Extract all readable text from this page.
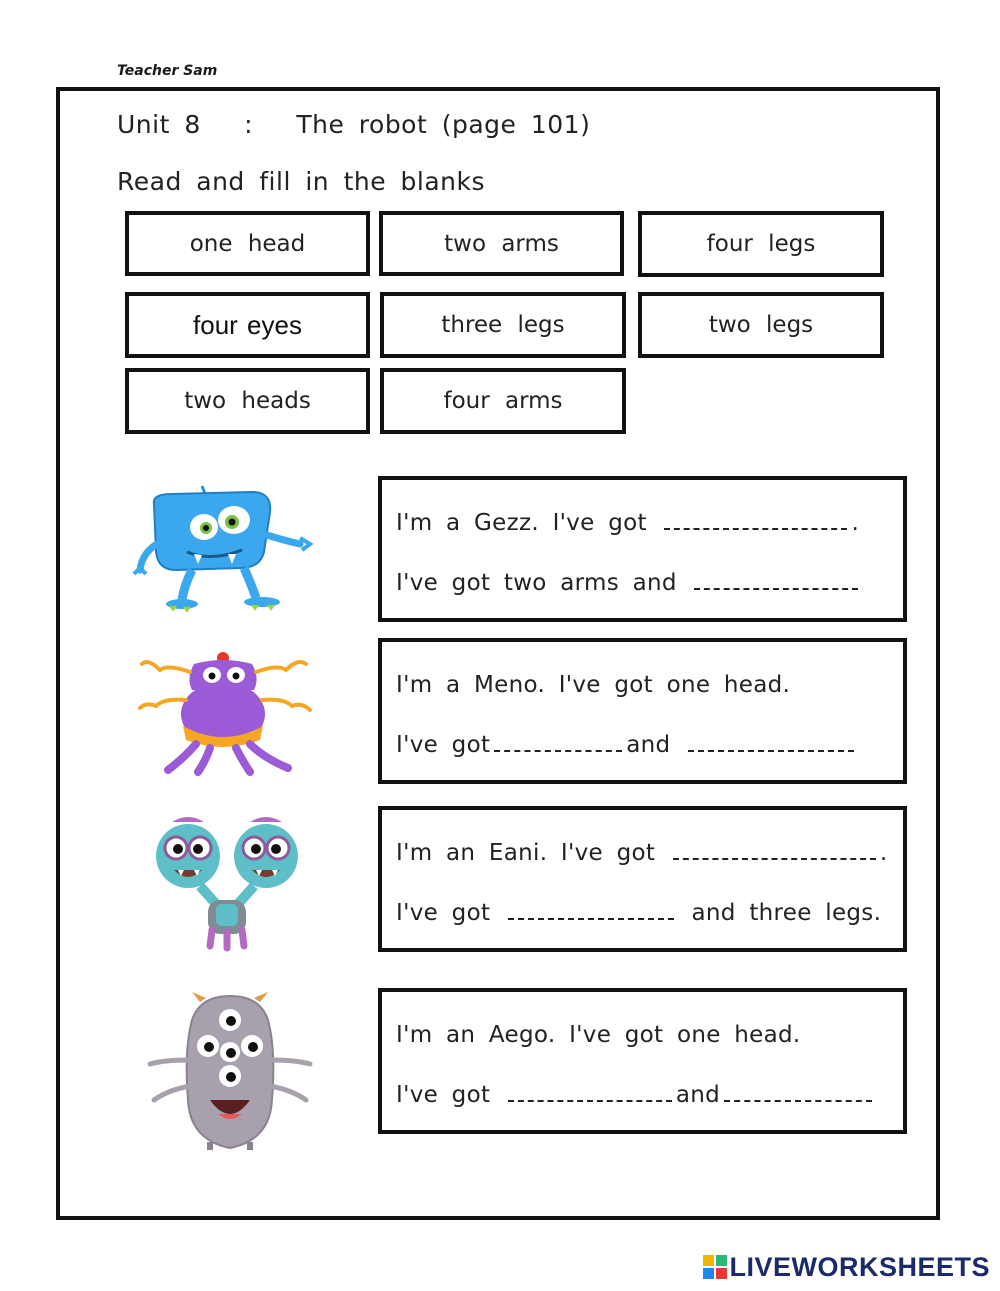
Teacher Sam
Unit 8   :   The robot (page 101)
Read and fill in the blanks
one head	two arms	four legs
four eyes	three legs	two legs
two heads	four arms
I'm a Gezz. I've got	.
I've got two arms and
I'm a Meno. I've got one head.
I've got	and
I'm an Eani. I've got	.
I've got	and three legs.
I'm an Aego. I've got one head.
I've got	and
LIVEWORKSHEETS
